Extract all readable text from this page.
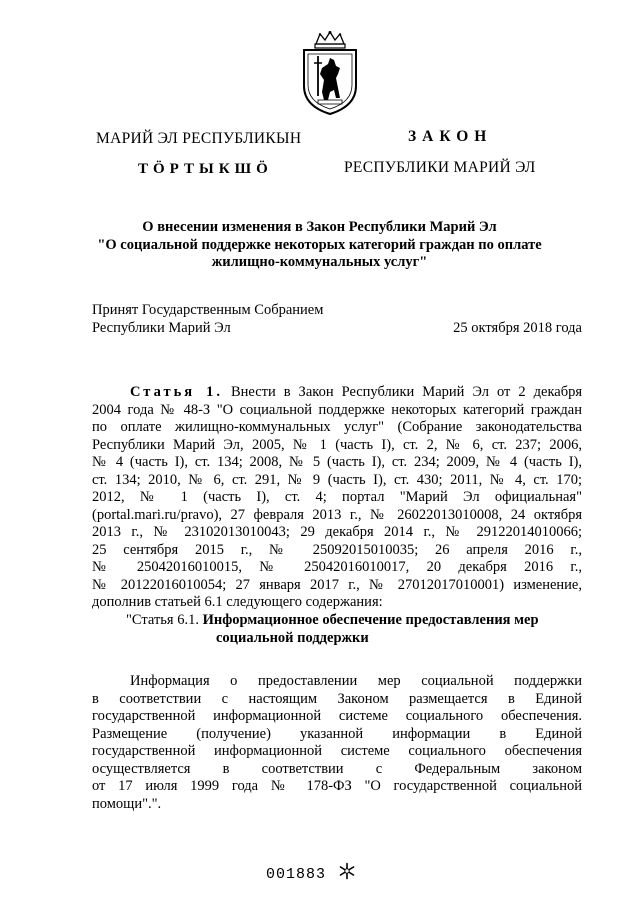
МАРИЙ ЭЛ РЕСПУБЛИКЫН
ТӦРТЫКШӦ
ЗАКОН
РЕСПУБЛИКИ МАРИЙ ЭЛ
О внесении изменения в Закон Республики Марий Эл
"О социальной поддержке некоторых категорий граждан по оплате
жилищно-коммунальных услуг"
Принят Государственным Собранием
Республики Марий Эл	25 октября 2018 года
Статья 1. Внести в Закон Республики Марий Эл от 2 декабря
2004 года № 48-З "О социальной поддержке некоторых категорий граждан
по оплате жилищно-коммунальных услуг" (Собрание законодательства
Республики Марий Эл, 2005, № 1 (часть I), ст. 2, № 6, ст. 237; 2006,
№ 4 (часть I), ст. 134; 2008, № 5 (часть I), ст. 234; 2009, № 4 (часть I),
ст. 134; 2010, № 6, ст. 291, № 9 (часть I), ст. 430; 2011, № 4, ст. 170;
2012, № 1 (часть I), ст. 4; портал "Марий Эл официальная"
(portal.mari.ru/pravo), 27 февраля 2013 г., № 26022013010008, 24 октября
2013 г., № 23102013010043; 29 декабря 2014 г., № 29122014010066;
25 сентября 2015 г., № 25092015010035; 26 апреля 2016 г.,
№ 25042016010015, № 25042016010017, 20 декабря 2016 г.,
№ 20122016010054; 27 января 2017 г., № 27012017010001) изменение,
дополнив статьей 6.1 следующего содержания:
"Статья 6.1. Информационное обеспечение предоставления мер
социальной поддержки
Информация о предоставлении мер социальной поддержки
в соответствии с настоящим Законом размещается в Единой
государственной информационной системе социального обеспечения.
Размещение (получение) указанной информации в Единой
государственной информационной системе социального обеспечения
осуществляется в соответствии с Федеральным законом
от 17 июля 1999 года № 178-ФЗ "О государственной социальной
помощи".".
001883
